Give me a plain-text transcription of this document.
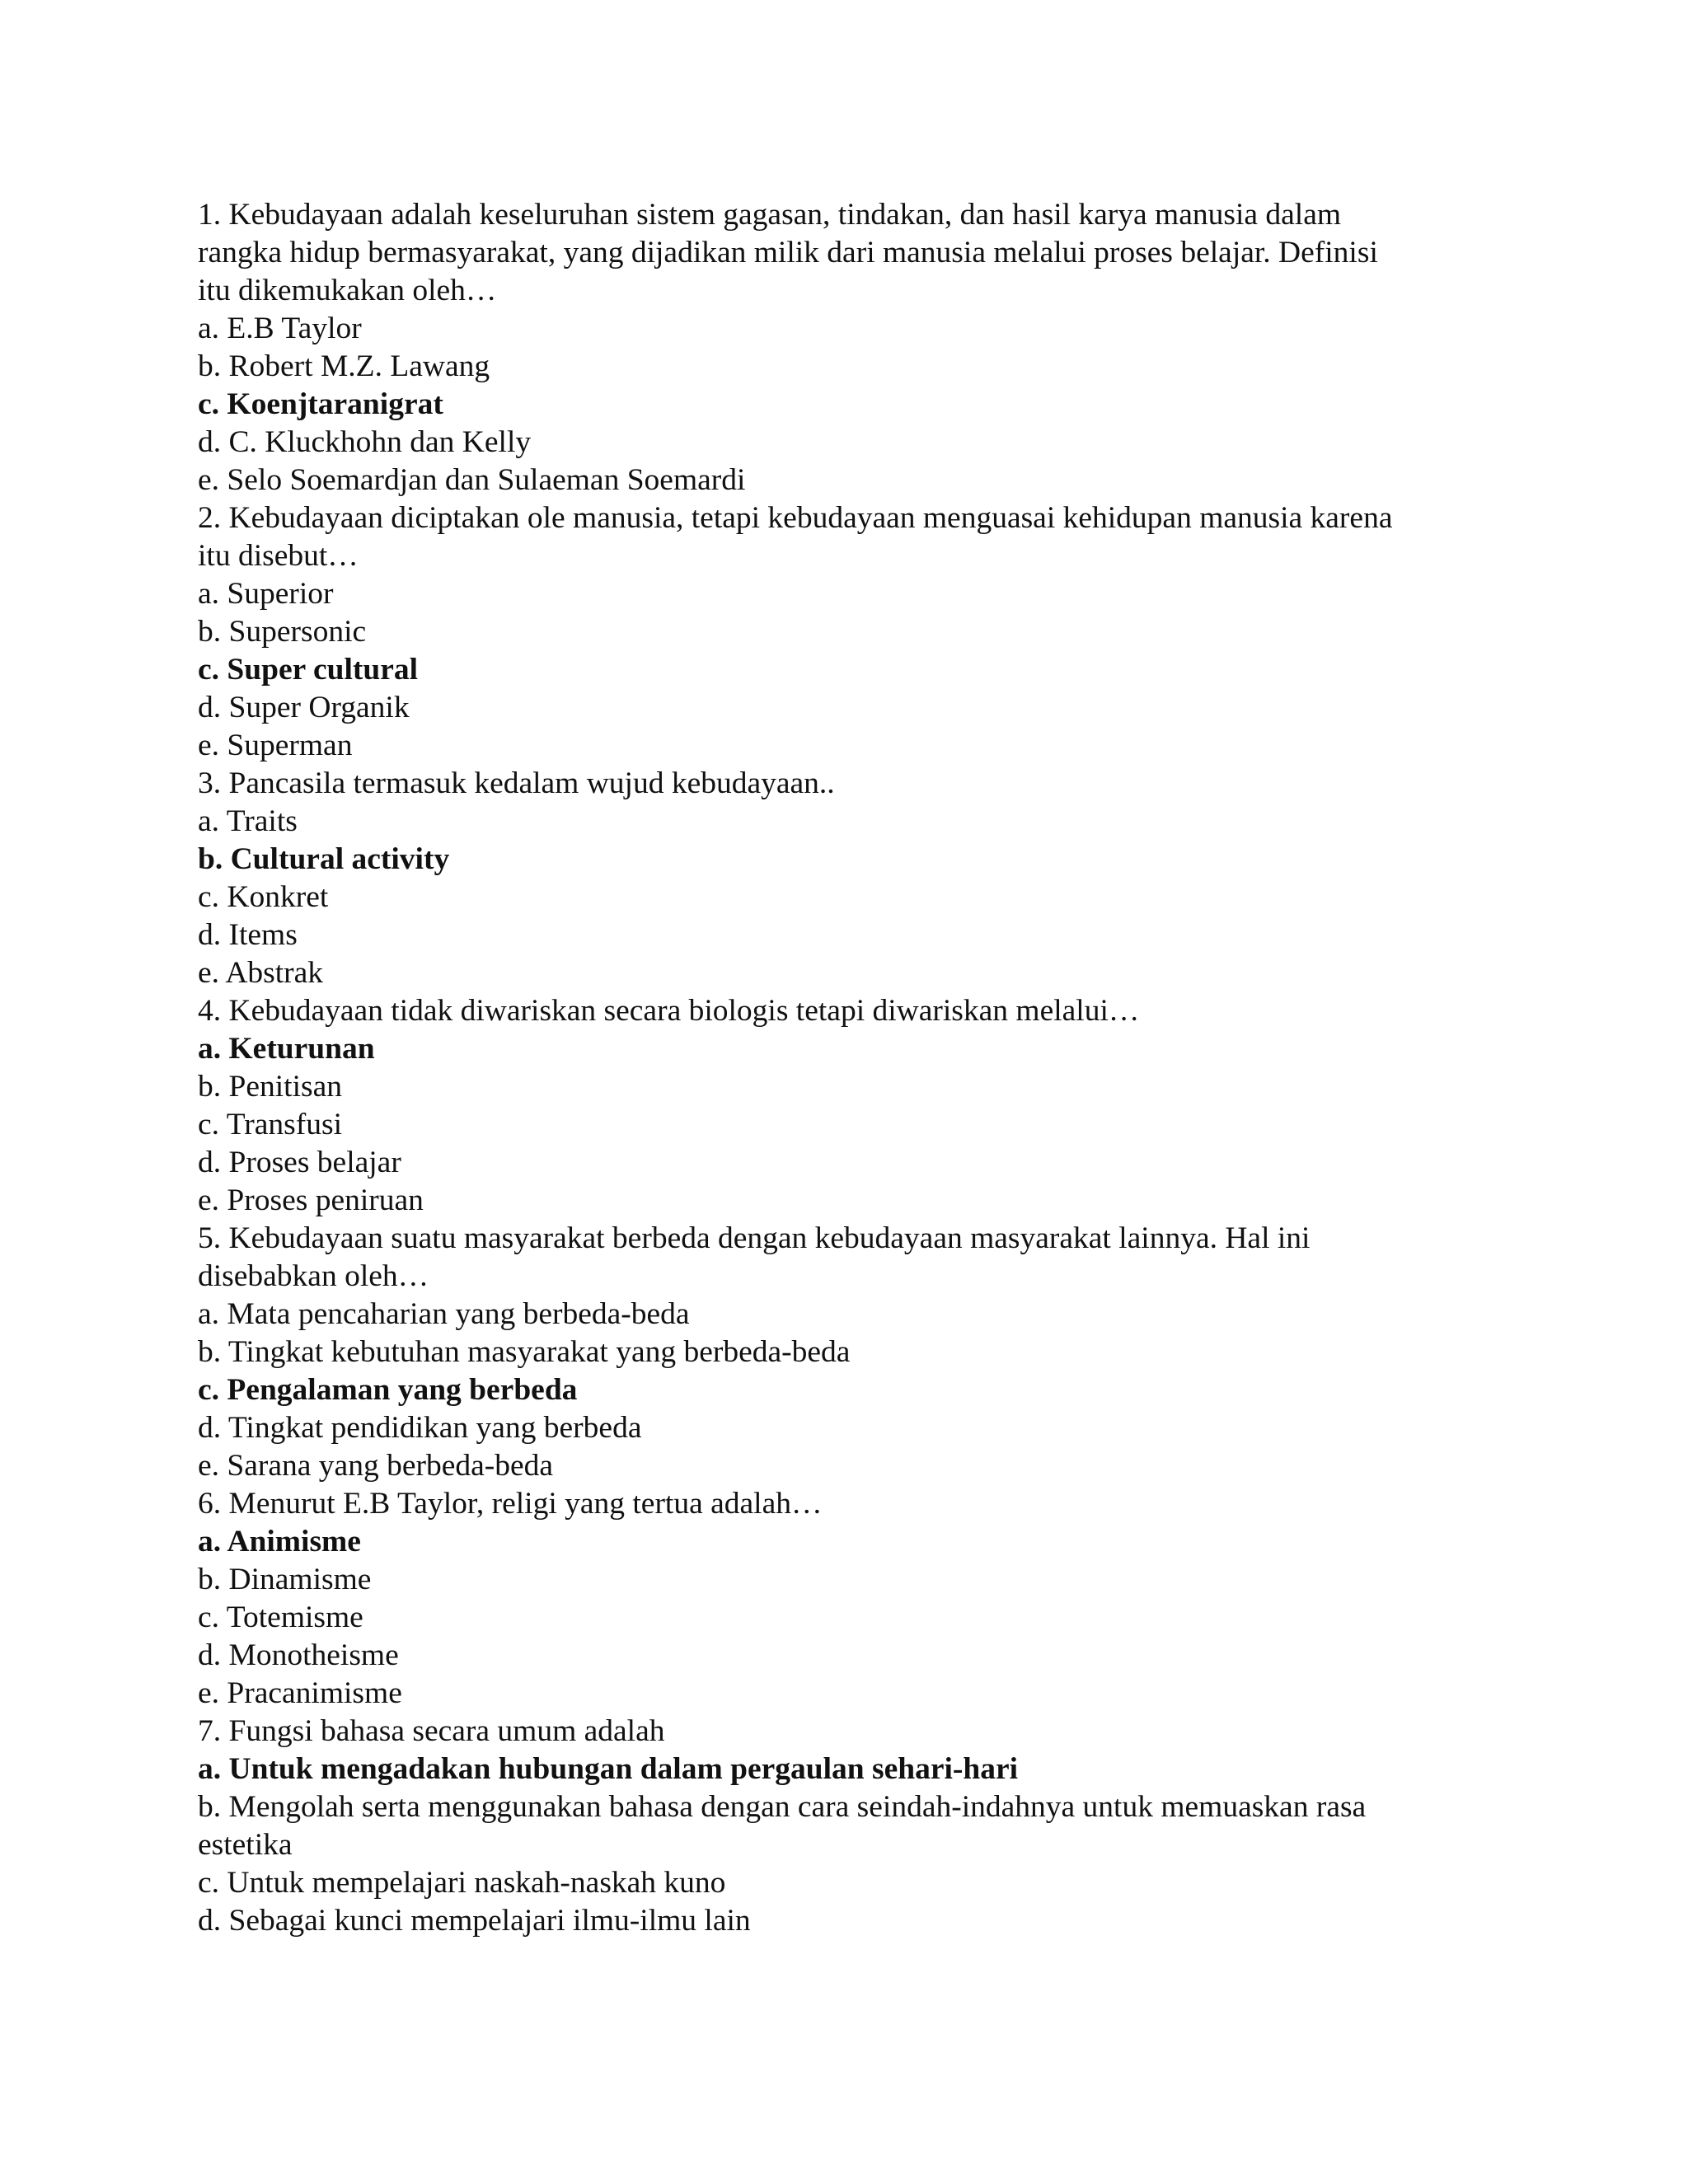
1. Kebudayaan adalah keseluruhan sistem gagasan, tindakan, dan hasil karya manusia dalam
rangka hidup bermasyarakat, yang dijadikan milik dari manusia melalui proses belajar. Definisi
itu dikemukakan oleh…

a. E.B Taylor

b. Robert M.Z. Lawang

c. Koenjtaranigrat

d. C. Kluckhohn dan Kelly

e. Selo Soemardjan dan Sulaeman Soemardi

2. Kebudayaan diciptakan ole manusia, tetapi kebudayaan menguasai kehidupan manusia karena
itu disebut…

a. Superior

b. Supersonic

c. Super cultural

d. Super Organik

e. Superman

3. Pancasila termasuk kedalam wujud kebudayaan..

a. Traits

b. Cultural activity

c. Konkret

d. Items

e. Abstrak

4. Kebudayaan tidak diwariskan secara biologis tetapi diwariskan melalui…

a. Keturunan

b. Penitisan

c. Transfusi

d. Proses belajar

e. Proses peniruan

5. Kebudayaan suatu masyarakat berbeda dengan kebudayaan masyarakat lainnya. Hal ini
disebabkan oleh…

a. Mata pencaharian yang berbeda-beda

b. Tingkat kebutuhan masyarakat yang berbeda-beda

c. Pengalaman yang berbeda

d. Tingkat pendidikan yang berbeda

e. Sarana yang berbeda-beda

6. Menurut E.B Taylor, religi yang tertua adalah…

a. Animisme

b. Dinamisme

c. Totemisme

d. Monotheisme

e. Pracanimisme

7. Fungsi bahasa secara umum adalah

a. Untuk mengadakan hubungan dalam pergaulan sehari-hari

b. Mengolah serta menggunakan bahasa dengan cara seindah-indahnya untuk memuaskan rasa

estetika

c. Untuk mempelajari naskah-naskah kuno

d. Sebagai kunci mempelajari ilmu-ilmu lain
